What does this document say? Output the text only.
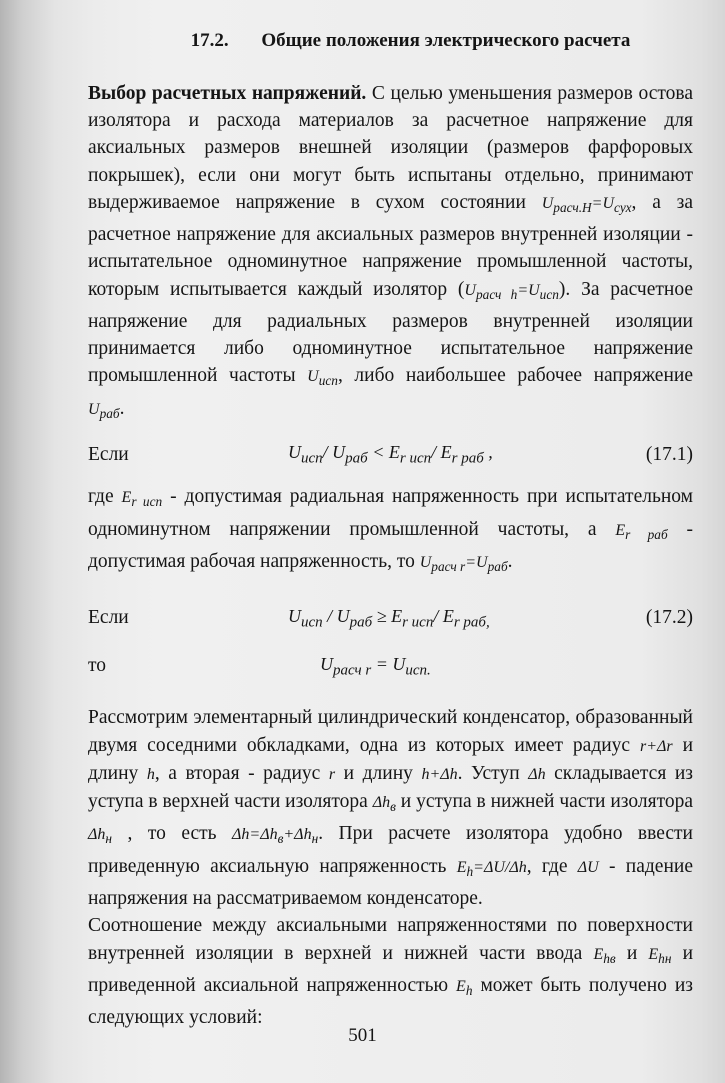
17.2. Общие положения электрического расчета

Выбор расчетных напряжений. С целью уменьшения размеров остова изолятора и расхода материалов за расчетное напряжение для аксиальных размеров внешней изоляции (размеров фарфоровых покрышек), если они могут быть испытаны отдельно, принимают выдерживаемое напряжение в сухом состоянии $U_{расч.Н}=U_{сух}$, а за расчетное напряжение для аксиальных размеров внутренней изоляции - испытательное одноминутное напряжение промышленной частоты, которым испытывается каждый изолятор $(U_{расч h}=U_{исп})$. За расчетное напряжение для радиальных размеров внутренней изоляции принимается либо одноминутное испытательное напряжение промышленной частоты $U_{исп}$, либо наибольшее рабочее напряжение $U_{раб}$.

Если	$U_{исп}/$ $U_{раб} < E_{r исп}/$ $E_{r раб}$ ,	(17.1)

где $E_{r исп}$ - допустимая радиальная напряженность при испытательном одноминутном напряжении промышленной частоты, а $E_{r раб}$ - допустимая рабочая напряженность, то $U_{расч r}=U_{раб}$.

Если	$U_{исп} / U_{раб} \ge E_{r исп}/$ $E_{r раб,}$	(17.2)
то	$U_{расч r} = U_{исп.}$

Рассмотрим элементарный цилиндрический конденсатор, образованный двумя соседними обкладками, одна из которых имеет радиус r+Δr и длину h, а вторая - радиус r и длину h+Δh. Уступ Δh складывается из уступа в верхней части изолятора $\Delta h_в$ и уступа в нижней части изолятора $\Delta h_н$ , то есть $\Delta h=\Delta h_в+\Delta h_н$. При расчете изолятора удобно ввести приведенную аксиальную напряженность $E_h=\Delta U/\Delta h$, где ΔU - падение напряжения на рассматриваемом конденсаторе.

Соотношение между аксиальными напряженностями по поверхности внутренней изоляции в верхней и нижней части ввода $E_{hв}$ и $E_{hн}$ и приведенной аксиальной напряженностью $E_h$ может быть получено из следующих условий:

501
